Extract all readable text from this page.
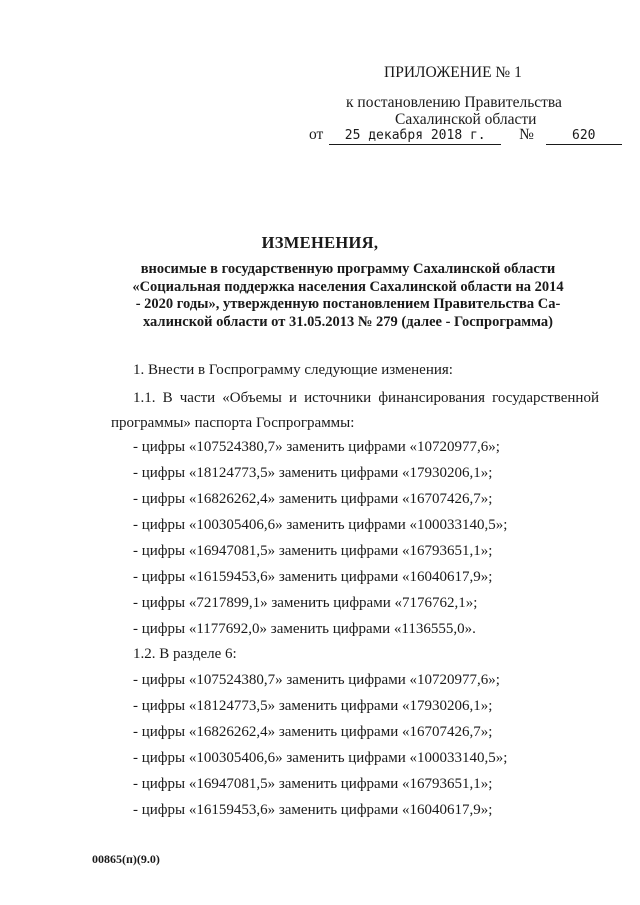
ПРИЛОЖЕНИЕ № 1
к постановлению Правительства
Сахалинской области
от 25 декабря 2018 г. №	620
ИЗМЕНЕНИЯ,
вносимые в государственную программу Сахалинской области
«Социальная поддержка населения Сахалинской области на 2014
- 2020 годы», утвержденную постановлением Правительства Са-
халинской области от 31.05.2013 № 279 (далее - Госпрограмма)
1. Внести в Госпрограмму следующие изменения:
1.1. В части «Объемы и источники финансирования государственной программы» паспорта Госпрограммы:
- цифры «107524380,7» заменить цифрами «10720977,6»;
- цифры «18124773,5» заменить цифрами «17930206,1»;
- цифры «16826262,4» заменить цифрами «16707426,7»;
- цифры «100305406,6» заменить цифрами «100033140,5»;
- цифры «16947081,5» заменить цифрами «16793651,1»;
- цифры «16159453,6» заменить цифрами «16040617,9»;
- цифры «7217899,1» заменить цифрами «7176762,1»;
- цифры «1177692,0» заменить цифрами «1136555,0».
1.2. В разделе 6:
- цифры «107524380,7» заменить цифрами «10720977,6»;
- цифры «18124773,5» заменить цифрами «17930206,1»;
- цифры «16826262,4» заменить цифрами «16707426,7»;
- цифры «100305406,6» заменить цифрами «100033140,5»;
- цифры «16947081,5» заменить цифрами «16793651,1»;
- цифры «16159453,6» заменить цифрами «16040617,9»;
00865(п)(9.0)
